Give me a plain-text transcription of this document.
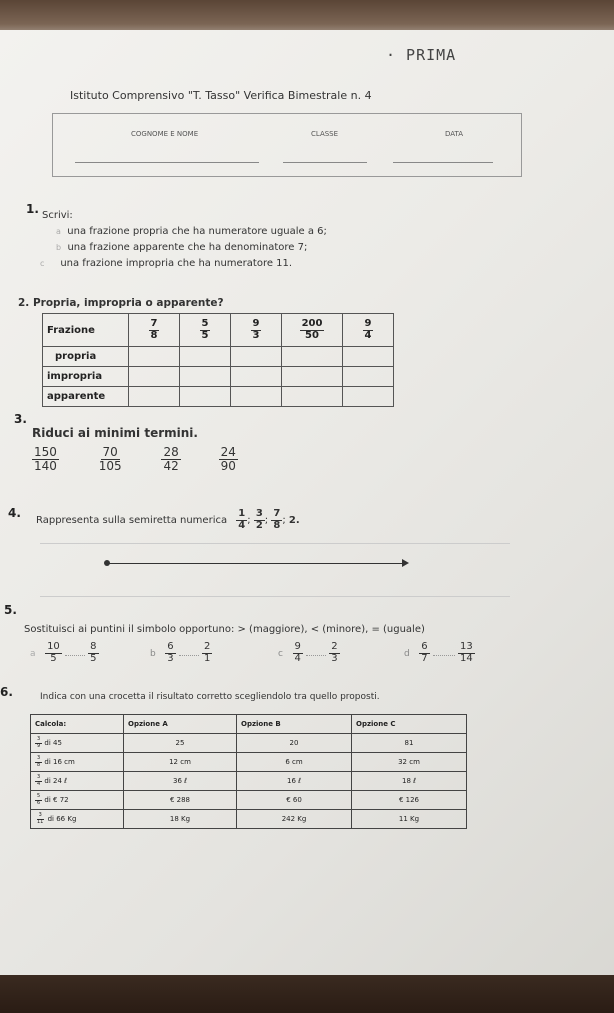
· PRIMA
Istituto Comprensivo "T. Tasso" Verifica Bimestrale n. 4
COGNOME E NOME	CLASSE	DATA
1. Scrivi:
a una frazione propria che ha numeratore uguale a 6;
b una frazione apparente che ha denominatore 7;
c una frazione impropria che ha numeratore 11.
2. Propria, impropria o apparente?
Frazione	$\frac{7}{8}$	$\frac{5}{5}$	$\frac{9}{3}$	$\frac{200}{50}$	$\frac{9}{4}$

propria					
impropria					
apparente					
3.
Riduci ai minimi termini.
$\frac{150}{140}$
	$\frac{70}{105}$
	$\frac{28}{42}$
	$\frac{24}{90}$
4.
Rappresenta sulla semiretta numerica $\frac{1}{4}$ ; $\frac{3}{2}$ ; $\frac{7}{8}$ ; 2.
5.
Sostituisci ai puntini il simbolo opportuno: > (maggiore), < (minore), = (uguale)
a $\frac{10}{5}$
	$\frac{8}{5}$	b $\frac{6}{3}$
	$\frac{2}{1}$	c $\frac{9}{4}$
	$\frac{2}{3}$	d $\frac{6}{7}$
	$\frac{13}{14}$
6.	Indica con una crocetta il risultato corretto scegliendolo tra quello proposti.
Calcola:	Opzione A	Opzione B	Opzione C

$\frac{3}{9}$ di 45	25	20	81

$\frac{3}{8}$ di 16 cm	12 cm	6 cm	32 cm

$\frac{3}{4}$ di 24 ℓ	36 ℓ	16 ℓ	18 ℓ

$\frac{5}{6}$ di € 72	€ 288	€ 60	€ 126

$\frac{3}{11}$ di 66 Kg	18 Kg	242 Kg	11 Kg
